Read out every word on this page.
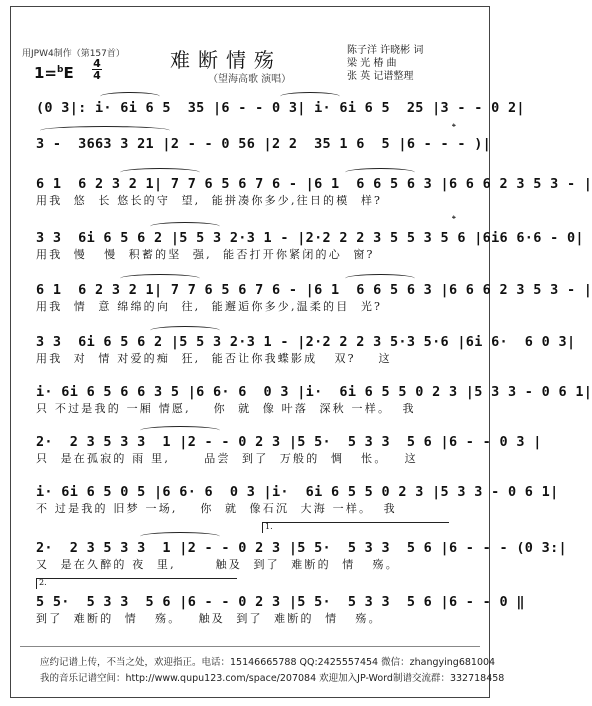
用JPW4制作（第157首） 难断情殇
（望海高歌 演唱）
陈子洋 许晓彬 词
梁 光 椿 曲
张 英 记谱整理
1=$^b$E
4
4
(0 3|: i· 6i 6 5  35 |6 - - 0 3| i· 6i 6 5  25 |3 - - 0 2|
3 -  3663 3 21 |2 - - 0 56 |2 2  35 1 6  5 |6 - - - )|
𝄌
6 1  6 2 3 2 1| 7 7 6 5 6 7 6 - |6 1  6 6 5 6 3 |6 6 6 2 3 5 3 - |
用我  悠  长 悠长的守  望,  能拼凑你多少,往日的模  样?
3 3  6i 6 5 6 2 |5 5 3 2·3 1 - |2·2 2 2 3 5 5 3 5 6 |6i6 6·6 - 0|
用我  慢   慢  积蓄的坚  强,  能否打开你紧闭的心  窗?
𝄌
6 1  6 2 3 2 1| 7 7 6 5 6 7 6 - |6 1  6 6 5 6 3 |6 6 6 2 3 5 3 - |
用我  情  意 绵绵的向  往,  能邂逅你多少,温柔的目  光?
3 3  6i 6 5 6 2 |5 5 3 2·3 1 - |2·2 2 2 3 5·3 5·6 |6i 6·  6 0 3|
用我  对  情 对爱的痴  狂,  能否让你我蝶影成   双?    这
i· 6i 6 5 6 6 3 5 |6 6· 6  0 3 |i·  6i 6 5 5 0 2 3 |5 3 3 - 0 6 1|
只 不过是我的 一厢 情愿,    你  就  像 叶落  深秋 一样。  我
2·  2 3 5 3 3  1 |2 - - 0 2 3 |5 5·  5 3 3  5 6 |6 - - 0 3 |
只  是在孤寂的 雨 里,      品尝  到了  万般的  惆   怅。   这
i· 6i 6 5 0 5 |6 6· 6  0 3 |i·  6i 6 5 5 0 2 3 |5 3 3 - 0 6 1|
不 过是我的 旧梦 一场,    你  就  像石沉  大海 一样。  我
1.
2·  2 3 5 3 3  1 |2 - - 0 2 3 |5 5·  5 3 3  5 6 |6 - - - (0 3:|
又  是在久醉的 夜  里,       触及  到了  难断的  情   殇。
2.
5 5·  5 3 3  5 6 |6 - - 0 2 3 |5 5·  5 3 3  5 6 |6 - - 0 ‖
到了  难断的  情   殇。   触及  到了  难断的  情   殇。
应约记谱上传，不当之处，欢迎指正。电话：15146665788 QQ:2425557454 微信：zhangying681004
我的音乐记谱空间：http://www.qupu123.com/space/207084 欢迎加入JP-Word制谱交流群：332718458
